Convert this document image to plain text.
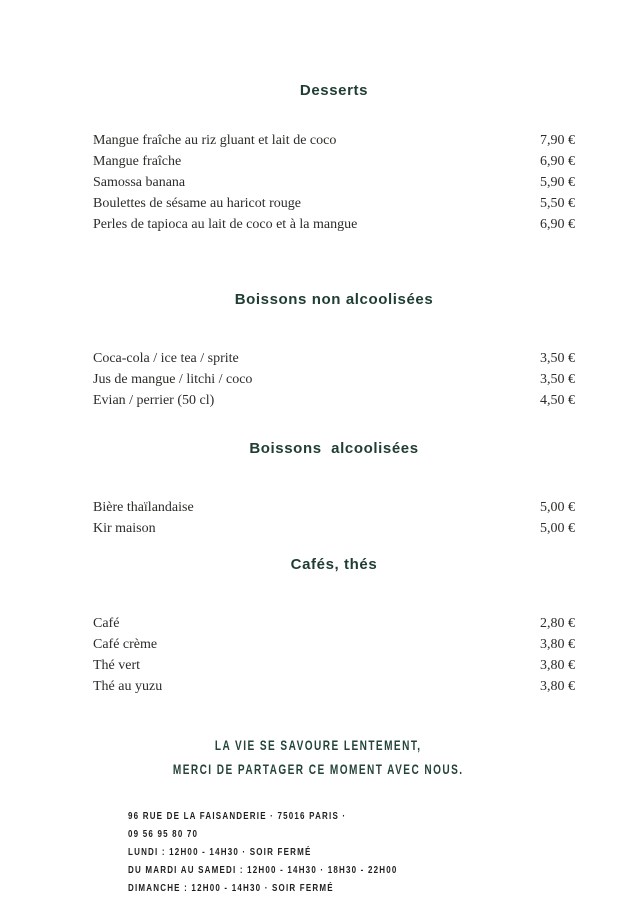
Desserts
Mangue fraîche au riz gluant et lait de coco	7,90 €
Mangue fraîche	6,90 €
Samossa banana	5,90 €
Boulettes de sésame au haricot rouge	5,50 €
Perles de tapioca au lait de coco et à la mangue	6,90 €
Boissons non alcoolisées
Coca-cola / ice tea / sprite	3,50 €
Jus de mangue / litchi / coco	3,50 €
Evian / perrier (50 cl)	4,50 €
Boissons  alcoolisées
Bière thaïlandaise	5,00 €
Kir maison	5,00 €
Cafés, thés
Café	2,80 €
Café crème	3,80 €
Thé vert	3,80 €
Thé au yuzu	3,80 €
LA VIE SE SAVOURE LENTEMENT,
MERCI DE PARTAGER CE MOMENT AVEC NOUS.
96 RUE DE LA FAISANDERIE · 75016 PARIS ·
09 56 95 80 70
LUNDI : 12H00 - 14H30 · SOIR FERMÉ
DU MARDI AU SAMEDI : 12H00 - 14H30 · 18H30 - 22H00
DIMANCHE : 12H00 - 14H30 · SOIR FERMÉ
